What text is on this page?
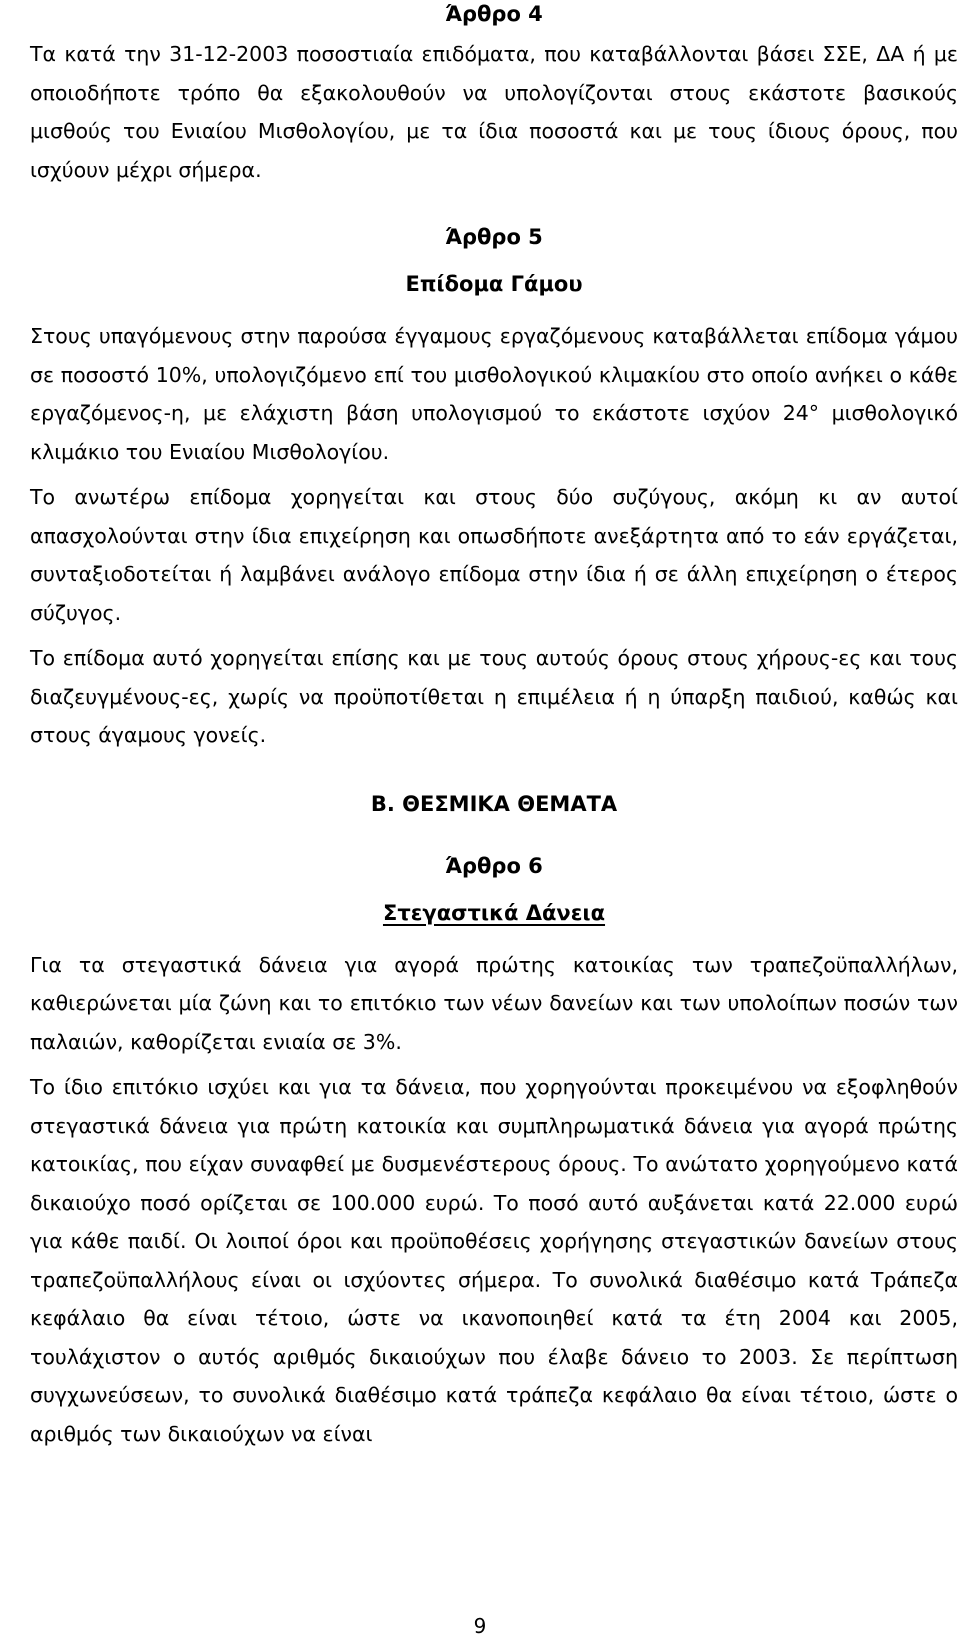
Άρθρο 4

Τα κατά την 31-12-2003 ποσοστιαία επιδόματα, που καταβάλλονται βάσει ΣΣΕ, ΔΑ ή με οποιοδήποτε τρόπο θα εξακολουθούν να υπολογίζονται στους εκάστοτε βασικούς μισθούς του Ενιαίου Μισθολογίου, με τα ίδια ποσοστά και με τους ίδιους όρους, που ισχύουν μέχρι σήμερα.

Άρθρο 5
Επίδομα Γάμου

Στους υπαγόμενους στην παρούσα έγγαμους εργαζόμενους καταβάλλεται επίδομα γάμου σε ποσοστό 10%, υπολογιζόμενο επί του μισθολογικού κλιμακίου στο οποίο ανήκει ο κάθε εργαζόμενος-η, με ελάχιστη βάση υπολογισμού το εκάστοτε ισχύον 24° μισθολογικό κλιμάκιο του Ενιαίου Μισθολογίου.

Το ανωτέρω επίδομα χορηγείται και στους δύο συζύγους, ακόμη κι αν αυτοί απασχολούνται στην ίδια επιχείρηση και οπωσδήποτε ανεξάρτητα από το εάν εργάζεται, συνταξιοδοτείται ή λαμβάνει ανάλογο επίδομα στην ίδια ή σε άλλη επιχείρηση ο έτερος σύζυγος.

Το επίδομα αυτό χορηγείται επίσης και με τους αυτούς όρους στους χήρους-ες και τους διαζευγμένους-ες, χωρίς να προϋποτίθεται η επιμέλεια ή η ύπαρξη παιδιού, καθώς και στους άγαμους γονείς.

Β. ΘΕΣΜΙΚΑ ΘΕΜΑΤΑ
Άρθρο 6
Στεγαστικά Δάνεια

Για τα στεγαστικά δάνεια για αγορά πρώτης κατοικίας των τραπεζοϋπαλλήλων, καθιερώνεται μία ζώνη και το επιτόκιο των νέων δανείων και των υπολοίπων ποσών των παλαιών, καθορίζεται ενιαία σε 3%.

Το ίδιο επιτόκιο ισχύει και για τα δάνεια, που χορηγούνται προκειμένου να εξοφληθούν στεγαστικά δάνεια για πρώτη κατοικία και συμπληρωματικά δάνεια για αγορά πρώτης κατοικίας, που είχαν συναφθεί με δυσμενέστερους όρους. Το ανώτατο χορηγούμενο κατά δικαιούχο ποσό ορίζεται σε 100.000 ευρώ. Το ποσό αυτό αυξάνεται κατά 22.000 ευρώ για κάθε παιδί. Οι λοιποί όροι και προϋποθέσεις χορήγησης στεγαστικών δανείων στους τραπεζοϋπαλλήλους είναι οι ισχύοντες σήμερα. Το συνολικά διαθέσιμο κατά Τράπεζα κεφάλαιο θα είναι τέτοιο, ώστε να ικανοποιηθεί κατά τα έτη 2004 και 2005, τουλάχιστον ο αυτός αριθμός δικαιούχων που έλαβε δάνειο το 2003. Σε περίπτωση συγχωνεύσεων, το συνολικά διαθέσιμο κατά τράπεζα κεφάλαιο θα είναι τέτοιο, ώστε ο αριθμός των δικαιούχων να είναι

9
